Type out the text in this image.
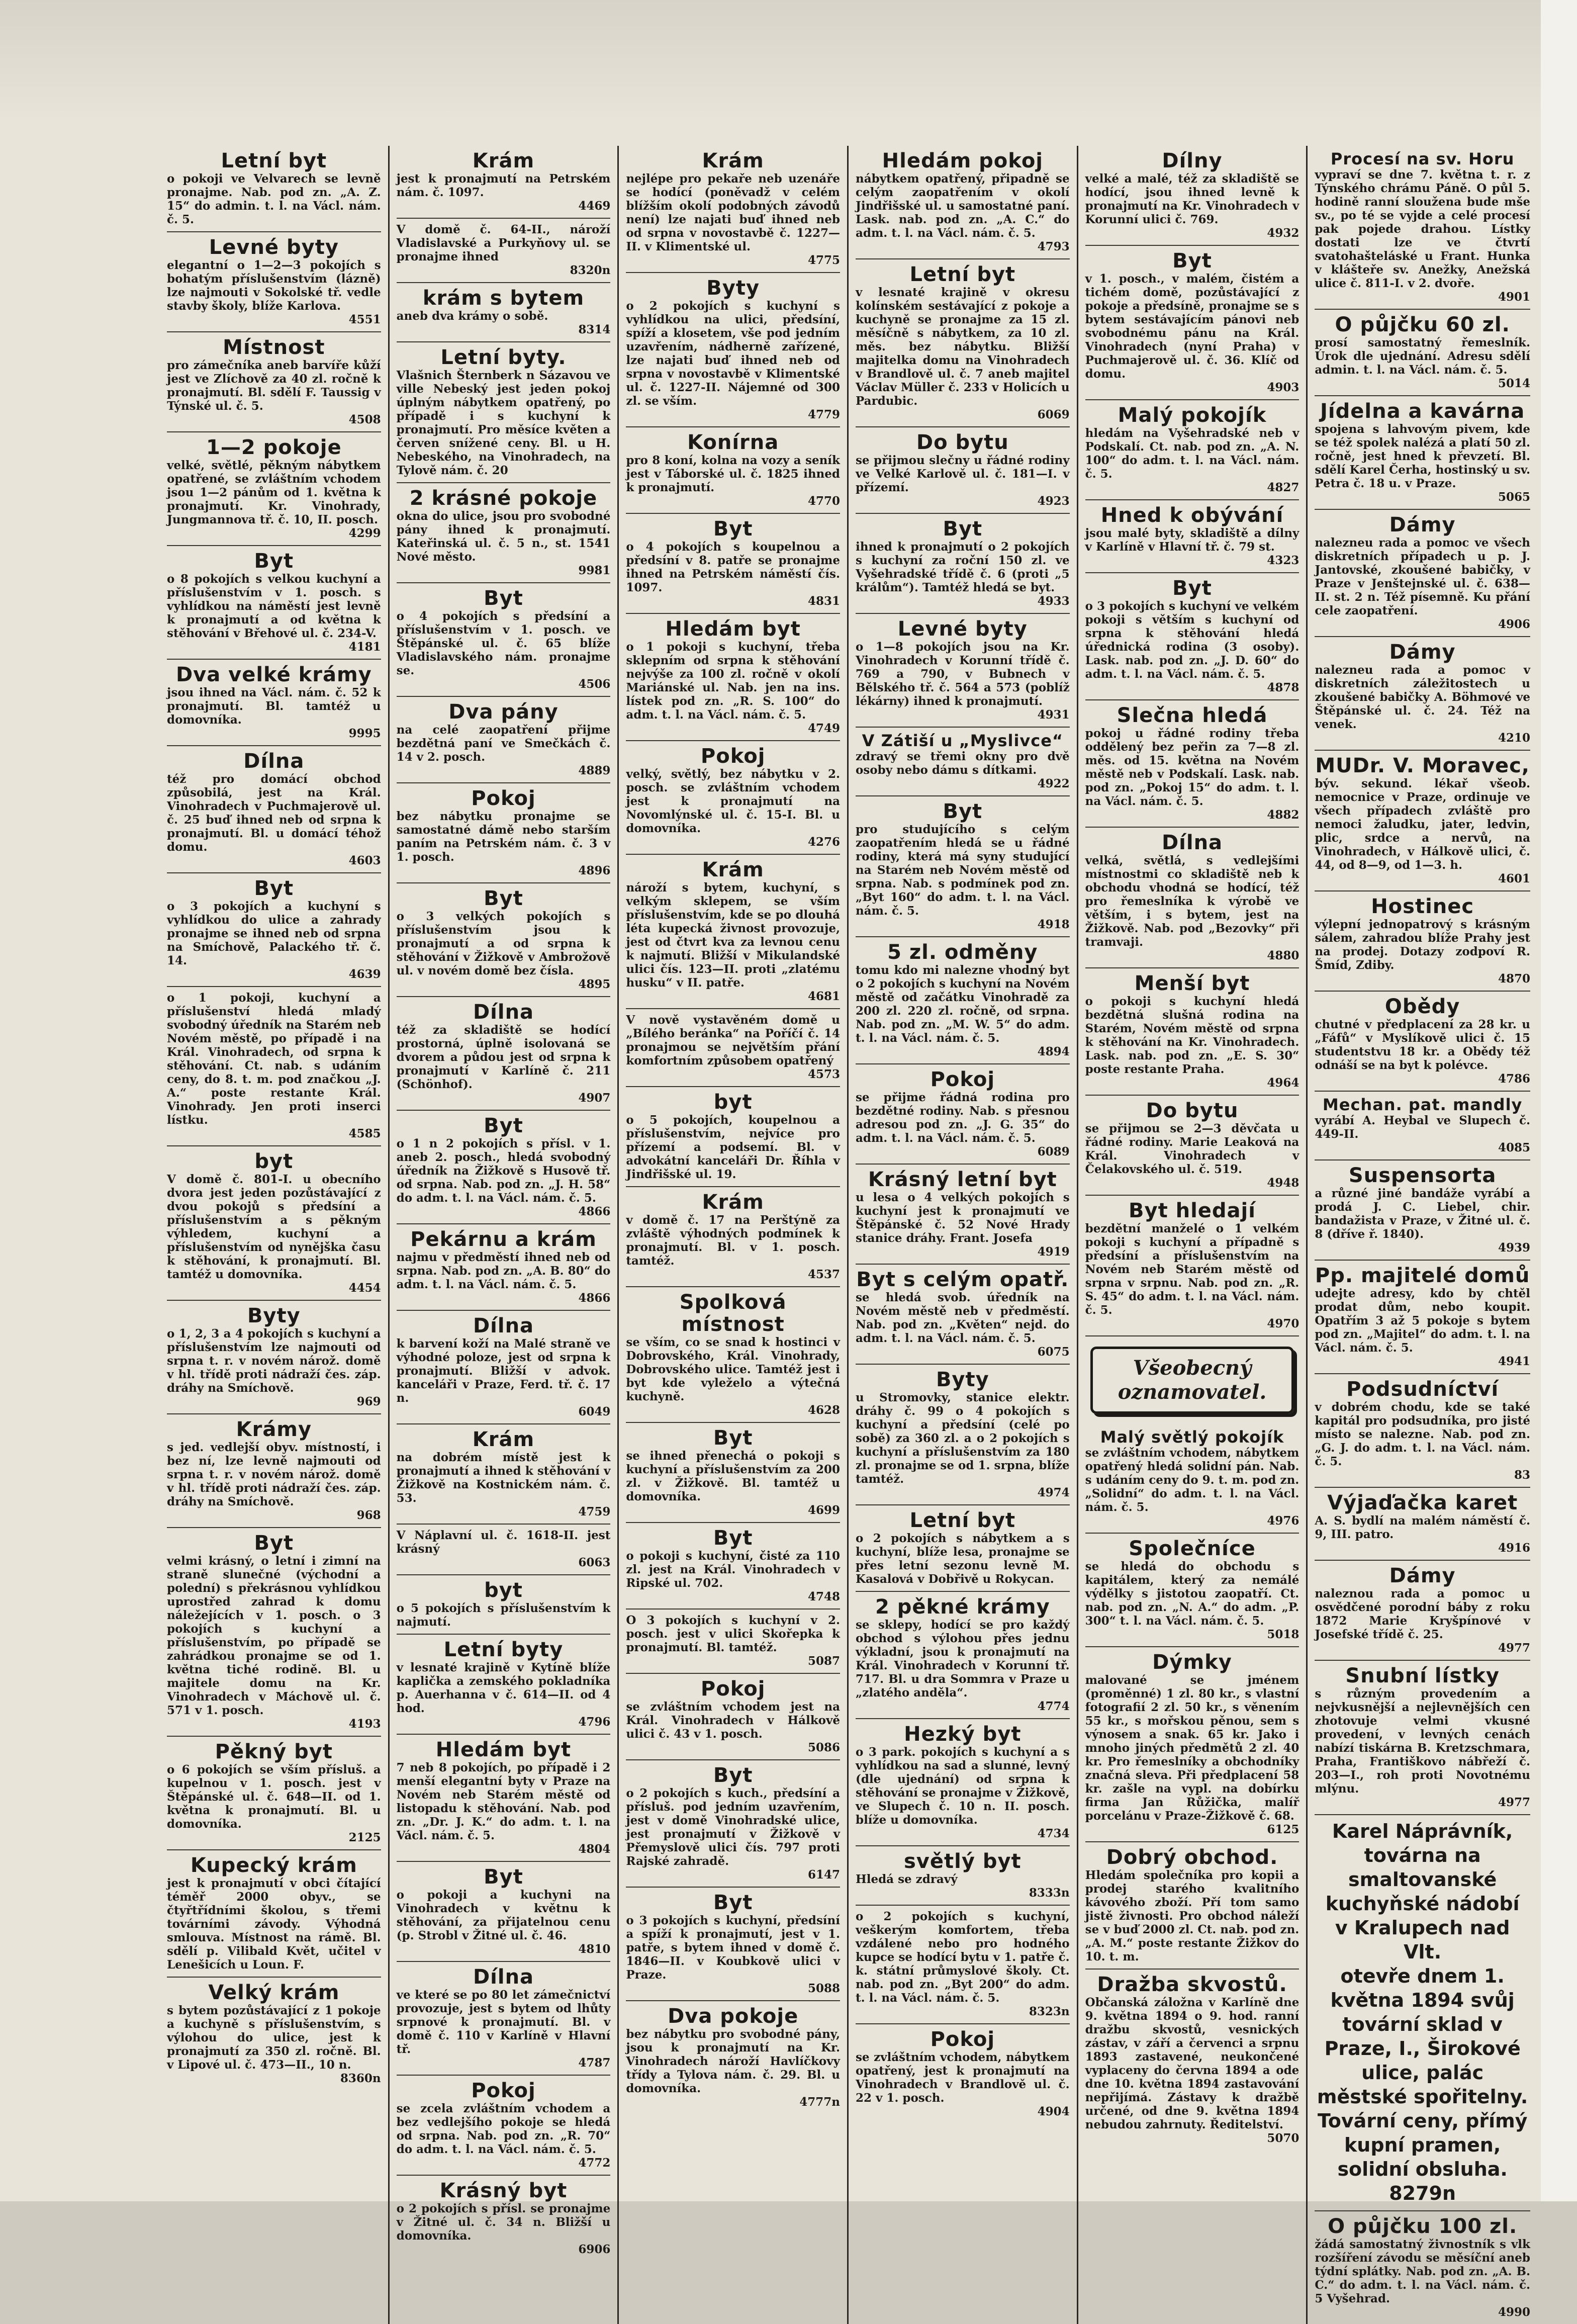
Letní byt
o pokoji ve Velvarech se levně pronajme. Nab. pod zn. „A. Z. 15“ do admin. t. l. na Václ. nám. č. 5.
Levné byty
elegantní o 1—2—3 pokojích s bohatým příslušenstvím (lázně) lze najmouti v Sokolské tř. vedle stavby školy, blíže Karlova.
4551
Místnost
pro zámečníka aneb barvíře kůží jest ve Zlíchově za 40 zl. ročně k pronajmutí. Bl. sdělí F. Taussig v Týnské ul. č. 5.
4508
1—2 pokoje
velké, světlé, pěkným nábytkem opatřené, se zvláštním vchodem jsou 1—2 pánům od 1. května k pronajmutí. Kr. Vinohrady, Jungmannova tř. č. 10, II. posch.
4299
Byt
o 8 pokojích s velkou kuchyní a příslušenstvím v 1. posch. s vyhlídkou na náměstí jest levně k pronajmutí a od května k stěhování v Břehové ul. č. 234-V.
4181
Dva velké krámy
jsou ihned na Václ. nám. č. 52 k pronajmutí. Bl. tamtéž u domovníka.
9995
Dílna
též pro domácí obchod způsobilá, jest na Král. Vinohradech v Puchmajerově ul. č. 25 buď ihned neb od srpna k pronajmutí. Bl. u domácí téhož domu.
4603
Byt
o 3 pokojích a kuchyní s vyhlídkou do ulice a zahrady pronajme se ihned neb od srpna na Smíchově, Palackého tř. č. 14.
4639
o 1 pokoji, kuchyní a příslušenství hledá mladý svobodný úředník na Starém neb Novém městě, po případě i na Král. Vinohradech, od srpna k stěhování. Ct. nab. s udáním ceny, do 8. t. m. pod značkou „J. A.“ poste restante Král. Vinohrady. Jen proti inserci lístku.
4585
byt
V domě č. 801-I. u obecního dvora jest jeden pozůstávající z dvou pokojů s předsíní a příslušenstvím a s pěkným výhledem, kuchyní a příslušenstvím od nynějška času k stěhování, k pronajmutí. Bl. tamtéž u domovníka.
4454
Byty
o 1, 2, 3 a 4 pokojích s kuchyní a příslušenstvím lze najmouti od srpna t. r. v novém nárož. domě v hl. třídě proti nádraží čes. záp. dráhy na Smíchově.
969
Krámy
s jed. vedlejší obyv. místností, i bez ní, lze levně najmouti od srpna t. r. v novém nárož. domě v hl. třídě proti nádraží čes. záp. dráhy na Smíchově.
968
Byt
velmi krásný, o letní i zimní na straně slunečné (východní a polední) s překrásnou vyhlídkou uprostřed zahrad k domu náležejících v 1. posch. o 3 pokojích s kuchyní a příslušenstvím, po případě se zahrádkou pronajme se od 1. května tiché rodině. Bl. u majitele domu na Kr. Vinohradech v Máchově ul. č. 571 v 1. posch.
4193
Pěkný byt
o 6 pokojích se vším přísluš. a kupelnou v 1. posch. jest v Štěpánské ul. č. 648—II. od 1. května k pronajmutí. Bl. u domovníka.
2125
Kupecký krám
jest k pronajmutí v obci čítající téměř 2000 obyv., se čtyřtřídními školou, s třemi továrními závody. Výhodná smlouva. Místnost na rámě. Bl. sdělí p. Vilibald Květ, učitel v Lenešicích u Loun. F.
Velký krám
s bytem pozůstávající z 1 pokoje a kuchyně s příslušenstvím, s výlohou do ulice, jest k pronajmutí za 350 zl. ročně. Bl. v Lipové ul. č. 473—II., 10 n.
8360n
Krám
jest k pronajmutí na Petrském nám. č. 1097.
4469
V domě č. 64-II., nároží Vladislavské a Purkyňovy ul. se pronajme ihned
8320n
krám s bytem
aneb dva krámy o sobě.
8314
Letní byty.
Vlašnich Šternberk n Sázavou ve ville Nebeský jest jeden pokoj úplným nábytkem opatřený, po případě i s kuchyní k pronajmutí. Pro měsíce květen a červen snížené ceny. Bl. u H. Nebeského, na Vinohradech, na Tylově nám. č. 20
2 krásné pokoje
okna do ulice, jsou pro svobodné pány ihned k pronajmutí. Kateřinská ul. č. 5 n., st. 1541 Nové město.
9981
Byt
o 4 pokojích s předsíní a příslušenstvím v 1. posch. ve Štěpánské ul. č. 65 blíže Vladislavského nám. pronajme se.
4506
Dva pány
na celé zaopatření přijme bezdětná paní ve Smečkách č. 14 v 2. posch.
4889
Pokoj
bez nábytku pronajme se samostatné dámě nebo starším paním na Petrském nám. č. 3 v 1. posch.
4896
Byt
o 3 velkých pokojích s příslušenstvím jsou k pronajmutí a od srpna k stěhování v Žižkově v Ambrožově ul. v novém domě bez čísla.
4895
Dílna
též za skladiště se hodící prostorná, úplně isolovaná se dvorem a půdou jest od srpna k pronajmutí v Karlíně č. 211 (Schönhof).
4907
Byt
o 1 n 2 pokojích s přísl. v 1. aneb 2. posch., hledá svobodný úředník na Žižkově s Husově tř. od srpna. Nab. pod zn. „J. H. 58“ do adm. t. l. na Václ. nám. č. 5.
4866
Pekárnu a krám
najmu v předměstí ihned neb od srpna. Nab. pod zn. „A. B. 80“ do adm. t. l. na Václ. nám. č. 5.
4866
Dílna
k barvení koží na Malé straně ve výhodné poloze, jest od srpna k pronajmutí. Bližší v advok. kanceláři v Praze, Ferd. tř. č. 17 n.
6049
Krám
na dobrém místě jest k pronajmutí a ihned k stěhování v Žižkově na Kostnickém nám. č. 53.
4759
V Náplavní ul. č. 1618-II. jest krásný
6063
byt
o 5 pokojích s příslušenstvím k najmutí.
Letní byty
v lesnaté krajině v Kytíně blíže kaplička a zemského pokladníka p. Auerhanna v č. 614—II. od 4 hod.
4796
Hledám byt
7 neb 8 pokojích, po případě i 2 menší elegantní byty v Praze na Novém neb Starém městě od listopadu k stěhování. Nab. pod zn. „Dr. J. K.“ do adm. t. l. na Václ. nám. č. 5.
4804
Byt
o pokoji a kuchyni na Vinohradech v květnu k stěhování, za přijatelnou cenu (p. Strobl v Žitné ul. č. 46.
4810
Dílna
ve které se po 80 let zámečnictví provozuje, jest s bytem od lhůty srpnové k pronajmutí. Bl. v domě č. 110 v Karlíně v Hlavní tř.
4787
Pokoj
se zcela zvláštním vchodem a bez vedlejšího pokoje se hledá od srpna. Nab. pod zn. „R. 70“ do adm. t. l. na Václ. nám. č. 5.
4772
Krásný byt
o 2 pokojích s přísl. se pronajme v Žitné ul. č. 34 n. Bližší u domovníka.
6906
Krám
nejlépe pro pekaře neb uzenáře se hodící (poněvadž v celém blížším okolí podobných závodů není) lze najati buď ihned neb od srpna v novostavbě č. 1227—II. v Klimentské ul.
4775
Byty
o 2 pokojích s kuchyní s vyhlídkou na ulici, předsíní, spíží a klosetem, vše pod jedním uzavřením, nádherně zařízené, lze najati buď ihned neb od srpna v novostavbě v Klimentské ul. č. 1227-II. Nájemné od 300 zl. se vším.
4779
Konírna
pro 8 koní, kolna na vozy a seník jest v Táborské ul. č. 1825 ihned k pronajmutí.
4770
Byt
o 4 pokojích s koupelnou a předsíní v 8. patře se pronajme ihned na Petrském náměstí čís. 1097.
4831
Hledám byt
o 1 pokoji s kuchyní, třeba sklepním od srpna k stěhování nejvýše za 100 zl. ročně v okolí Mariánské ul. Nab. jen na ins. lístek pod zn. „R. S. 100“ do adm. t. l. na Václ. nám. č. 5.
4749
Pokoj
velký, světlý, bez nábytku v 2. posch. se zvláštním vchodem jest k pronajmutí na Novomlýnské ul. č. 15-I. Bl. u domovníka.
4276
Krám
nároží s bytem, kuchyní, s velkým sklepem, se vším příslušenstvím, kde se po dlouhá léta kupecká živnost provozuje, jest od čtvrt kva za levnou cenu k najmutí. Bližší v Mikulandské ulici čís. 123—II. proti „zlatému husku“ v II. patře.
4681
V nově vystavěném domě u „Bílého beránka“ na Poříčí č. 14 pronajmou se největším přání komfortním způsobem opatřený
4573
byt
o 5 pokojích, koupelnou a příslušenstvím, nejvíce pro přízemí a podsemí. Bl. v advokátní kanceláři Dr. Říhla v Jindřišské ul. 19.
Krám
v domě č. 17 na Perštýně za zvláště výhodných podmínek k pronajmutí. Bl. v 1. posch. tamtéž.
4537
Spolková místnost
se vším, co se snad k hostinci v Dobrovského, Král. Vinohrady, Dobrovského ulice. Tamtéž jest i byt kde vyleželo a výtečná kuchyně.
4628
Byt
se ihned přenechá o pokoji s kuchyní a příslušenstvím za 200 zl. v Žižkově. Bl. tamtéž u domovníka.
4699
Byt
o pokoji s kuchyní, čisté za 110 zl. jest na Král. Vinohradech v Ripské ul. 702.
4748
O 3 pokojích s kuchyní v 2. posch. jest v ulici Skořepka k pronajmutí. Bl. tamtéž.
5087
Pokoj
se zvláštním vchodem jest na Král. Vinohradech v Hálkově ulici č. 43 v 1. posch.
5086
Byt
o 2 pokojích s kuch., předsíní a přísluš. pod jedním uzavřením, jest v domě Vinohradské ulice, jest pronajmutí v Žižkově v Přemyslově ulici čís. 797 proti Rajské zahradě.
6147
Byt
o 3 pokojích s kuchyní, předsíní a spíží k pronajmutí, jest v 1. patře, s bytem ihned v domě č. 1846—II. v Koubkově ulici v Praze.
5088
Dva pokoje
bez nábytku pro svobodné pány, jsou k pronajmutí na Kr. Vinohradech nároží Havlíčkovy třídy a Tylova nám. č. 29. Bl. u domovníka.
4777n
Hledám pokoj
nábytkem opatřený, připadně se celým zaopatřením v okolí Jindřišské ul. u samostatné paní. Lask. nab. pod zn. „A. C.“ do adm. t. l. na Václ. nám. č. 5.
4793
Letní byt
v lesnaté krajině v okresu kolínském sestávající z pokoje a kuchyně se pronajme za 15 zl. měsíčně s nábytkem, za 10 zl. měs. bez nábytku. Bližší majitelka domu na Vinohradech v Brandlově ul. č. 7 aneb majitel Václav Müller č. 233 v Holicích u Pardubic.
6069
Do bytu
se přijmou slečny u řádné rodiny ve Velké Karlově ul. č. 181—I. v přízemí.
4923
Byt
ihned k pronajmutí o 2 pokojích s kuchyní za roční 150 zl. ve Vyšehradské třídě č. 6 (proti „5 králům“). Tamtéž hledá se byt.
4933
Levné byty
o 1—8 pokojích jsou na Kr. Vinohradech v Korunní třídě č. 769 a 790, v Bubnech v Bělského tř. č. 564 a 573 (poblíž lékárny) ihned k pronajmutí.
4931
V Zátiší u „Myslivce“
zdravý se třemi okny pro dvě osoby nebo dámu s dítkami.
4922
Byt
pro studujícího s celým zaopatřením hledá se u řádné rodiny, která má syny studující na Starém neb Novém městě od srpna. Nab. s podmínek pod zn. „Byt 160“ do adm. t. l. na Václ. nám. č. 5.
4918
5 zl. odměny
tomu kdo mi nalezne vhodný byt o 2 pokojích s kuchyní na Novém městě od začátku Vinohradě za 200 zl. 220 zl. ročně, od srpna. Nab. pod zn. „M. W. 5“ do adm. t. l. na Václ. nám. č. 5.
4894
Pokoj
se přijme řádná rodina pro bezdětné rodiny. Nab. s přesnou adresou pod zn. „J. G. 35“ do adm. t. l. na Václ. nám. č. 5.
6089
Krásný letní byt
u lesa o 4 velkých pokojích s kuchyní jest k pronajmutí ve Štěpánské č. 52 Nové Hrady stanice dráhy. Frant. Josefa
4919
Byt s celým opatř.
se hledá svob. úředník na Novém městě neb v předměstí. Nab. pod zn. „Květen“ nejd. do adm. t. l. na Václ. nám. č. 5.
6075
Byty
u Stromovky, stanice elektr. dráhy č. 99 o 4 pokojích s kuchyní a předsíní (celé po sobě) za 360 zl. a o 2 pokojích s kuchyní a příslušenstvím za 180 zl. pronajme se od 1. srpna, blíže tamtéž.
4974
Letní byt
o 2 pokojích s nábytkem a s kuchyní, blíže lesa, pronajme se přes letní sezonu levně M. Kasalová v Dobřivě u Rokycan.
2 pěkné krámy
se sklepy, hodící se pro každý obchod s výlohou přes jednu výkladní, jsou k pronajmutí na Král. Vinohradech v Korunní tř. 717. Bl. u dra Sommra v Praze u „zlatého anděla“.
4774
Hezký byt
o 3 park. pokojích s kuchyní a s vyhlídkou na sad a slunné, levný (dle ujednání) od srpna k stěhování se pronajme v Žižkově, ve Slupech č. 10 n. II. posch. blíže u domovníka.
4734
světlý byt
Hledá se zdravý
8333n
o 2 pokojích s kuchyní, veškerým komfortem, třeba vzdálené nebo pro hodného kupce se hodící bytu v 1. patře č. k. státní průmyslové školy. Ct. nab. pod zn. „Byt 200“ do adm. t. l. na Václ. nám. č. 5.
8323n
Pokoj
se zvláštním vchodem, nábytkem opatřený, jest k pronajmutí na Vinohradech v Brandlově ul. č. 22 v 1. posch.
4904
Dílny
velké a malé, též za skladiště se hodící, jsou ihned levně k pronajmutí na Kr. Vinohradech v Korunní ulici č. 769.
4932
Byt
v 1. posch., v malém, čistém a tichém domě, pozůstávající z pokoje a předsíně, pronajme se s bytem sestávajícím pánovi neb svobodnému pánu na Král. Vinohradech (nyní Praha) v Puchmajerově ul. č. 36. Klíč od domu.
4903
Malý pokojík
hledám na Vyšehradské neb v Podskalí. Ct. nab. pod zn. „A. N. 100“ do adm. t. l. na Václ. nám. č. 5.
4827
Hned k obývání
jsou malé byty, skladiště a dílny v Karlíně v Hlavní tř. č. 79 st.
4323
Byt
o 3 pokojích s kuchyní ve velkém pokoji s větším s kuchyní od srpna k stěhování hledá úřednická rodina (3 osoby). Lask. nab. pod zn. „J. D. 60“ do adm. t. l. na Václ. nám. č. 5.
4878
Slečna hledá
pokoj u řádné rodiny třeba oddělený bez peřin za 7—8 zl. měs. od 15. května na Novém městě neb v Podskalí. Lask. nab. pod zn. „Pokoj 15“ do adm. t. l. na Václ. nám. č. 5.
4882
Dílna
velká, světlá, s vedlejšími místnostmi co skladiště neb k obchodu vhodná se hodící, též pro řemeslníka k výrobě ve větším, i s bytem, jest na Žižkově. Nab. pod „Bezovky“ při tramvaji.
4880
Menší byt
o pokoji s kuchyní hledá bezdětná slušná rodina na Starém, Novém městě od srpna k stěhování na Kr. Vinohradech. Lask. nab. pod zn. „E. S. 30“ poste restante Praha.
4964
Do bytu
se přijmou se 2—3 děvčata u řádné rodiny. Marie Leaková na Král. Vinohradech v Čelakovského ul. č. 519.
4948
Byt hledají
bezdětní manželé o 1 velkém pokoji s kuchyní a případně s předsíní a příslušenstvím na Novém neb Starém městě od srpna v srpnu. Nab. pod zn. „R. S. 45“ do adm. t. l. na Václ. nám. č. 5.
4970
Všeobecný oznamovatel.
Malý světlý pokojík
se zvláštním vchodem, nábytkem opatřený hledá solidní pán. Nab. s udáním ceny do 9. t. m. pod zn. „Solidní“ do adm. t. l. na Václ. nám. č. 5.
4976
Společníce
se hledá do obchodu s kapitálem, který za nemálé výdělky s jistotou zaopatří. Ct. nab. pod zn. „N. A.“ do adm. „P. 300“ t. l. na Václ. nám. č. 5.
5018
Dýmky
malované se jménem (proměnné) 1 zl. 80 kr., s vlastní fotografií 2 zl. 50 kr., s věnením 55 kr., s mořskou pěnou, sem s výnosem a snak. 65 kr. Jako i mnoho jiných předmětů 2 zl. 40 kr. Pro řemeslníky a obchodníky značná sleva. Při předplacení 58 kr. zašle na vypl. na dobírku firma Jan Růžička, malíř porcelánu v Praze-Žižkově č. 68.
6125
Dobrý obchod.
Hledám společníka pro kopii a prodej starého kvalitního kávového zboží. Pří tom samo jistě živnosti. Pro obchod náleží se v buď 2000 zl. Ct. nab. pod zn. „A. M.“ poste restante Žižkov do 10. t. m.
Dražba skvostů.
Občanská záložna v Karlíně dne 9. května 1894 o 9. hod. ranní dražbu skvostů, vesnických zástav, v září a červenci a srpnu 1893 zastavené, neukončené vyplaceny do června 1894 a ode dne 10. května 1894 zastavování nepřijímá. Zástavy k dražbě určené, od dne 9. května 1894 nebudou zahrnuty. Ředitelství.
5070
Procesí na sv. Horu
vypraví se dne 7. května t. r. z Týnského chrámu Páně. O půl 5. hodině ranní sloužena bude mše sv., po té se vyjde a celé procesí pak pojede drahou. Lístky dostati lze ve čtvrtí svatohašteláské u Frant. Hunka v klášteře sv. Anežky, Anežská ulice č. 811-I. v 2. dvoře.
4901
O půjčku 60 zl.
prosí samostatný řemeslník. Úrok dle ujednání. Adresu sdělí admin. t. l. na Václ. nám. č. 5.
5014
Jídelna a kavárna
spojena s lahvovým pivem, kde se též spolek nalézá a platí 50 zl. ročně, jest hned k převzetí. Bl. sdělí Karel Čerha, hostinský u sv. Petra č. 18 u. v Praze.
5065
Dámy
nalezneu rada a pomoc ve všech diskretních případech u p. J. Jantovské, zkoušené babičky, v Praze v Jenštejnské ul. č. 638—II. st. 2 n. Též písemně. Ku přání cele zaopatření.
4906
Dámy
nalezneu rada a pomoc v diskretních záležitostech u zkoušené babičky A. Böhmové ve Štěpánské ul. č. 24. Též na venek.
4210
MUDr. V. Moravec,
býv. sekund. lékař všeob. nemocnice v Praze, ordinuje ve všech případech zvláště pro nemoci žaludku, jater, ledvin, plic, srdce a nervů, na Vinohradech, v Hálkově ulici, č. 44, od 8—9, od 1—3. h.
4601
Hostinec
výlepní jednopatrový s krásným sálem, zahradou blíže Prahy jest na prodej. Dotazy zodpoví R. Šmíd, Zdiby.
4870
Obědy
chutné v předplacení za 28 kr. u „Fáfů“ v Myslíkově ulici č. 15 studentstvu 18 kr. a Obědy též odnáší se na byt k polévce.
4786
Mechan. pat. mandly
vyrábí A. Heybal ve Slupech č. 449-II.
4085
Suspensorta
a různé jiné bandáže vyrábí a prodá J. C. Liebel, chir. bandažista v Praze, v Žitné ul. č. 8 (dříve ř. 1840).
4939
Pp. majitelé domů
udejte adresy, kdo by chtěl prodat dům, nebo koupit. Opatřím 3 až 5 pokoje s bytem pod zn. „Majitel“ do adm. t. l. na Václ. nám. č. 5.
4941
Podsudníctví
v dobrém chodu, kde se také kapitál pro podsudníka, pro jisté místo se nalezne. Nab. pod zn. „G. J. do adm. t. l. na Václ. nám. č. 5.
83
Výjaďačka karet
A. S. bydlí na malém náměstí č. 9, III. patro.
4916
Dámy
naleznou rada a pomoc u osvědčené porodní báby z roku 1872 Marie Kryšpínové v Josefské třídě č. 25.
4977
Snubní lístky
s různým provedením a nejvkusnější a nejlevnějších cen zhotovuje velmi vkusné provedení, v levných cenách nabízí tiskárna B. Kretzschmara, Praha, Františkovo nábřeží č. 203—I., roh proti Novotnému mlýnu.
4977
Karel Náprávník,
továrna na smaltovanské kuchyňské nádobí
v Kralupech nad Vlt.
otevře dnem 1. května 1894 svůj tovární sklad v Praze, I., Širokové ulice, palác městské spořitelny.
Tovární ceny, přímý kupní pramen, solidní obsluha.
8279n
O půjčku 100 zl.
žádá samostatný živnostník s vlk rozšíření závodu se měsíční aneb týdní splátky. Nab. pod zn. „A. B. C.“ do adm. t. l. na Václ. nám. č. 5 Vyšehrad.
4990
